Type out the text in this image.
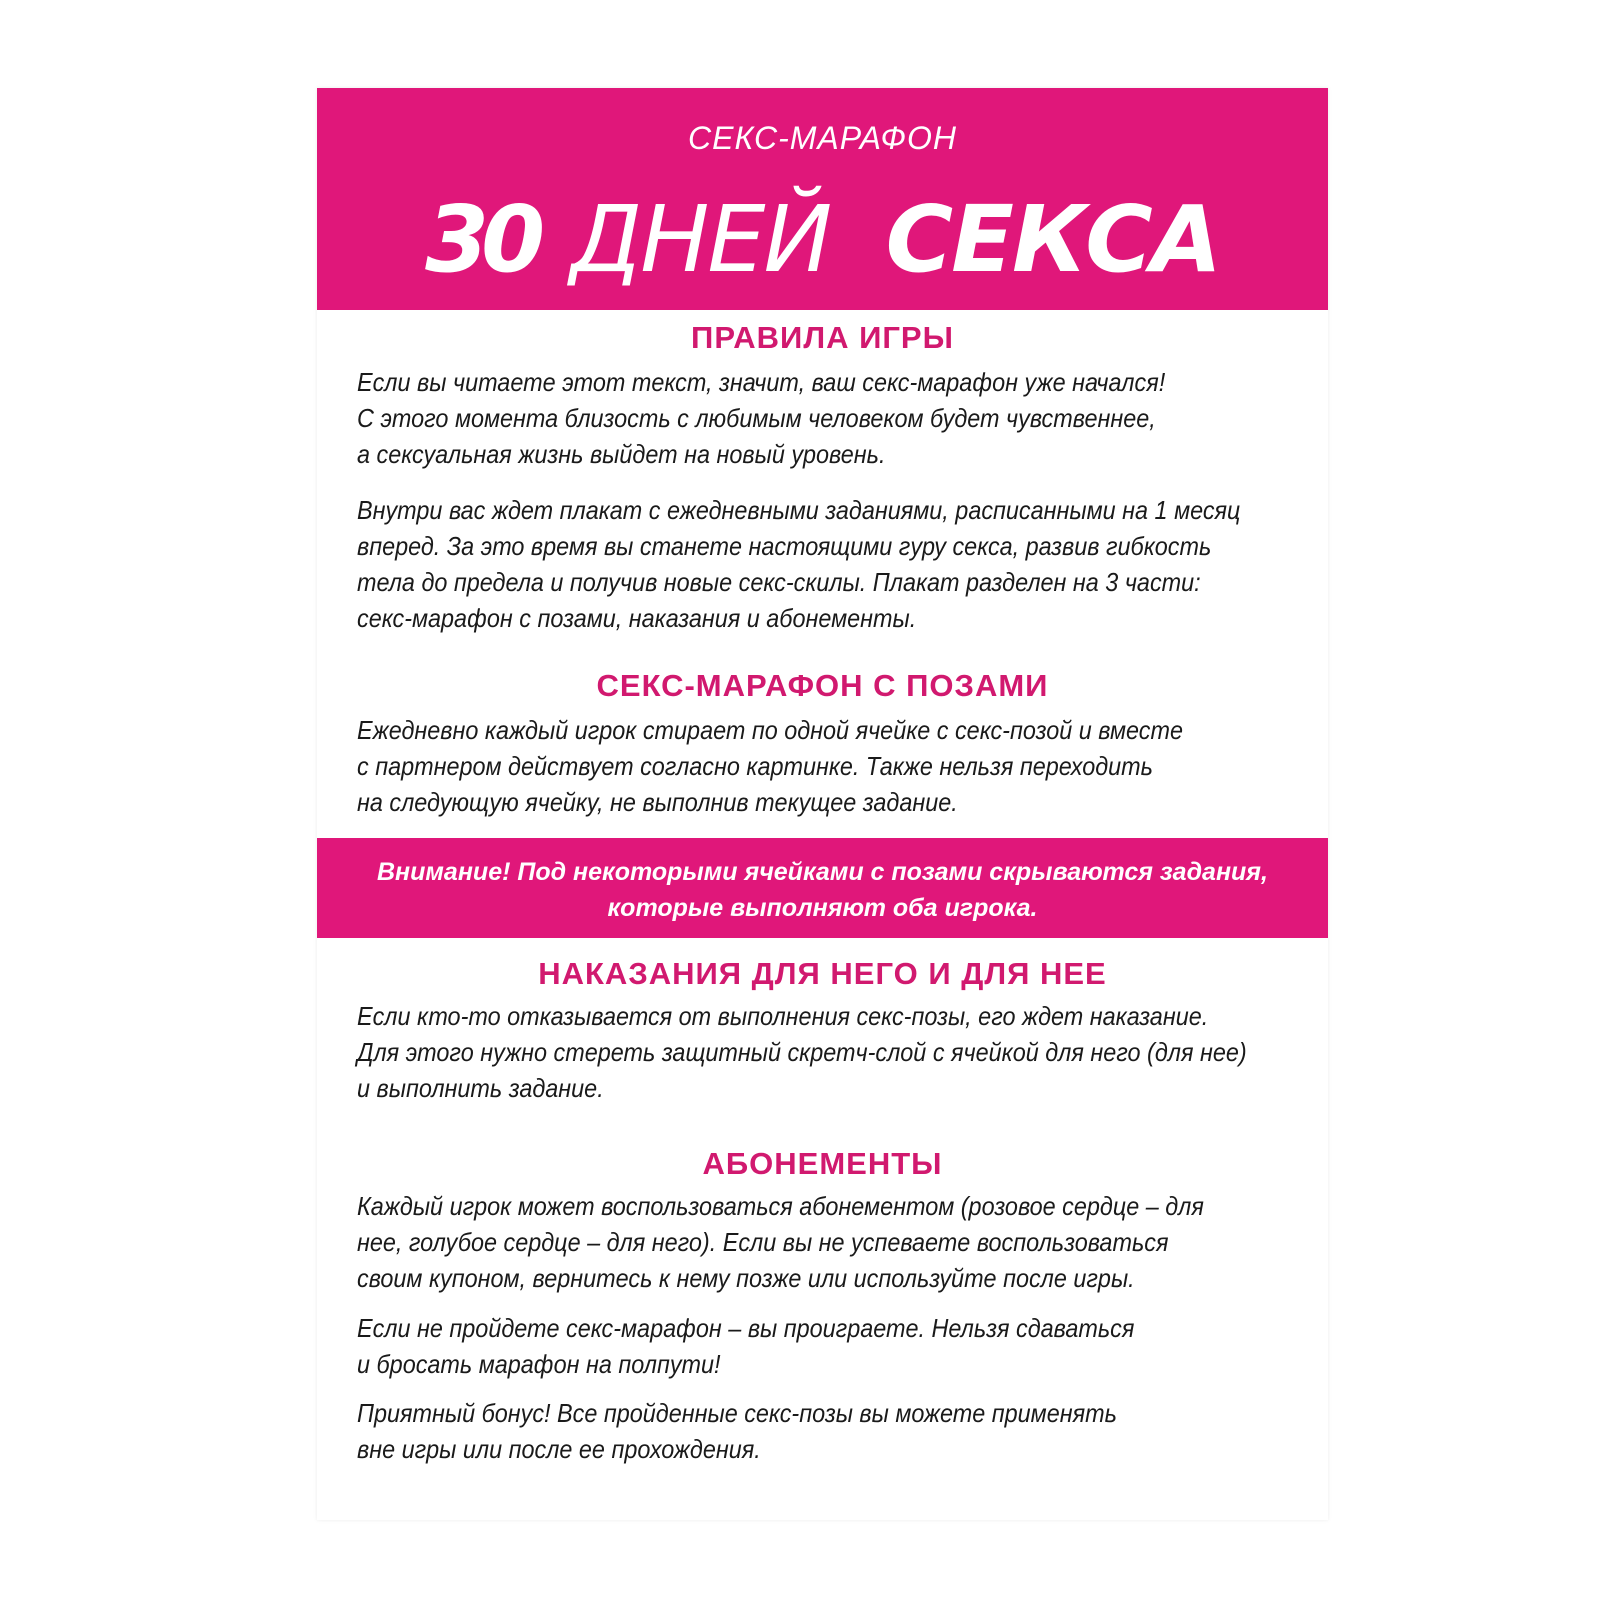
СЕКС-МАРАФОН
30 ДНЕЙ СЕКСА
ПРАВИЛА ИГРЫ
Если вы читаете этот текст, значит, ваш секс-марафон уже начался!
С этого момента близость с любимым человеком будет чувственнее,
а сексуальная жизнь выйдет на новый уровень.
Внутри вас ждет плакат с ежедневными заданиями, расписанными на 1 месяц
вперед. За это время вы станете настоящими гуру секса, развив гибкость
тела до предела и получив новые секс-скилы. Плакат разделен на 3 части:
секс-марафон с позами, наказания и абонементы.
СЕКС-МАРАФОН С ПОЗАМИ
Ежедневно каждый игрок стирает по одной ячейке с секс-позой и вместе
с партнером действует согласно картинке. Также нельзя переходить
на следующую ячейку, не выполнив текущее задание.
Внимание! Под некоторыми ячейками с позами скрываются задания,
которые выполняют оба игрока.
НАКАЗАНИЯ ДЛЯ НЕГО И ДЛЯ НЕЕ
Если кто-то отказывается от выполнения секс-позы, его ждет наказание.
Для этого нужно стереть защитный скретч-слой с ячейкой для него (для нее)
и выполнить задание.
АБОНЕМЕНТЫ
Каждый игрок может воспользоваться абонементом (розовое сердце – для
нее, голубое сердце – для него). Если вы не успеваете воспользоваться
своим купоном, вернитесь к нему позже или используйте после игры.
Если не пройдете секс-марафон – вы проиграете. Нельзя сдаваться
и бросать марафон на полпути!
Приятный бонус! Все пройденные секс-позы вы можете применять
вне игры или после ее прохождения.
